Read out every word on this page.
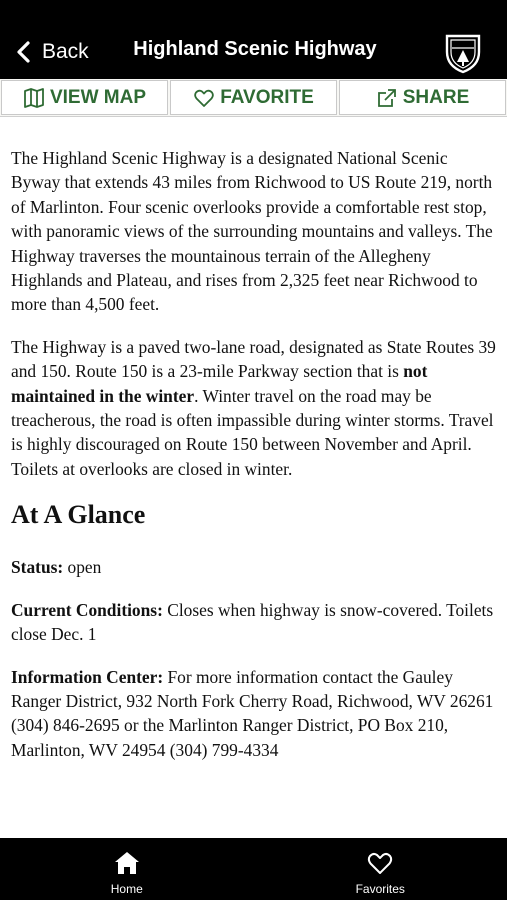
Back	Highland Scenic Highway
VIEW MAP	FAVORITE	SHARE

The Highland Scenic Highway is a designated National Scenic Byway that extends 43 miles from Richwood to US Route 219, north of Marlinton. Four scenic overlooks provide a comfortable rest stop, with panoramic views of the surrounding mountains and valleys. The Highway traverses the mountainous terrain of the Allegheny Highlands and Plateau, and rises from 2,325 feet near Richwood to more than 4,500 feet.

The Highway is a paved two-lane road, designated as State Routes 39 and 150. Route 150 is a 23-mile Parkway section that is not maintained in the winter. Winter travel on the road may be treacherous, the road is often impassible during winter storms. Travel is highly discouraged on Route 150 between November and April. Toilets at overlooks are closed in winter.

At A Glance

Status: open

Current Conditions: Closes when highway is snow-covered. Toilets close Dec. 1

Information Center: For more information contact the Gauley Ranger District, 932 North Fork Cherry Road, Richwood, WV 26261 (304) 846-2695 or the Marlinton Ranger District, PO Box 210, Marlinton, WV 24954 (304) 799-4334

Home	Favorites
